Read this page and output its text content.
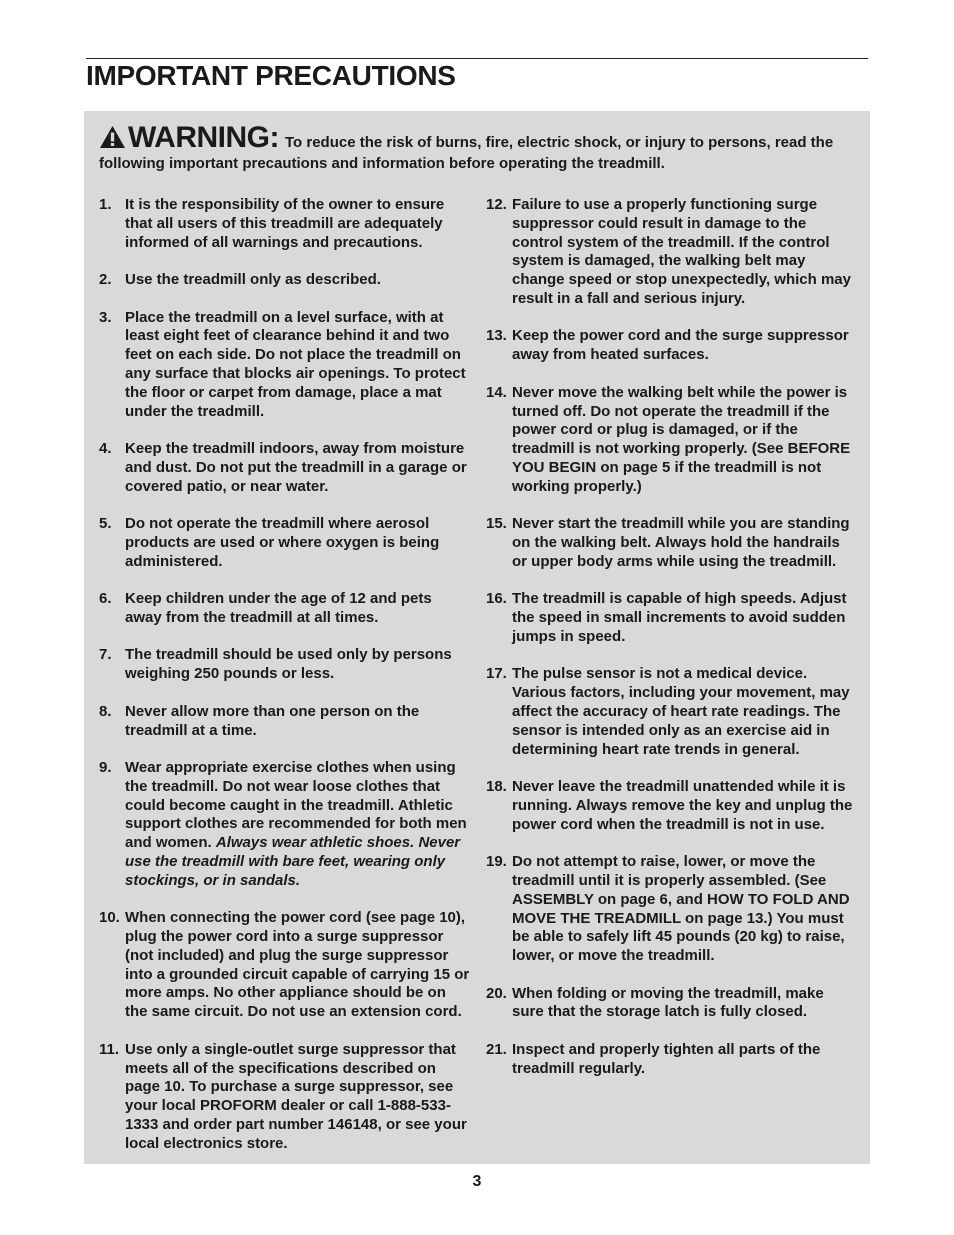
IMPORTANT PRECAUTIONS
WARNING: To reduce the risk of burns, fire, electric shock, or injury to persons, read the
following important precautions and information before operating the treadmill.
1. It is the responsibility of the owner to ensure that all users of this treadmill are adequately informed of all warnings and precautions.
2. Use the treadmill only as described.
3. Place the treadmill on a level surface, with at least eight feet of clearance behind it and two feet on each side. Do not place the treadmill on any surface that blocks air openings. To protect the floor or carpet from damage, place a mat under the treadmill.
4. Keep the treadmill indoors, away from moisture and dust. Do not put the treadmill in a garage or covered patio, or near water.
5. Do not operate the treadmill where aerosol products are used or where oxygen is being administered.
6. Keep children under the age of 12 and pets away from the treadmill at all times.
7. The treadmill should be used only by persons weighing 250 pounds or less.
8. Never allow more than one person on the treadmill at a time.
9. Wear appropriate exercise clothes when using the treadmill. Do not wear loose clothes that could become caught in the treadmill. Athletic support clothes are recommended for both men and women. Always wear athletic shoes. Never use the treadmill with bare feet, wearing only stockings, or in sandals.
10. When connecting the power cord (see page 10), plug the power cord into a surge suppressor (not included) and plug the surge suppressor into a grounded circuit capable of carrying 15 or more amps. No other appliance should be on the same circuit. Do not use an extension cord.
11. Use only a single-outlet surge suppressor that meets all of the specifications described on page 10. To purchase a surge suppressor, see your local PROFORM dealer or call 1-888-533-1333 and order part number 146148, or see your local electronics store.
12. Failure to use a properly functioning surge suppressor could result in damage to the control system of the treadmill. If the control system is damaged, the walking belt may change speed or stop unexpectedly, which may result in a fall and serious injury.
13. Keep the power cord and the surge suppressor away from heated surfaces.
14. Never move the walking belt while the power is turned off. Do not operate the treadmill if the power cord or plug is damaged, or if the treadmill is not working properly. (See BEFORE YOU BEGIN on page 5 if the treadmill is not working properly.)
15. Never start the treadmill while you are standing on the walking belt. Always hold the handrails or upper body arms while using the treadmill.
16. The treadmill is capable of high speeds. Adjust the speed in small increments to avoid sudden jumps in speed.
17. The pulse sensor is not a medical device. Various factors, including your movement, may affect the accuracy of heart rate readings. The sensor is intended only as an exercise aid in determining heart rate trends in general.
18. Never leave the treadmill unattended while it is running. Always remove the key and unplug the power cord when the treadmill is not in use.
19. Do not attempt to raise, lower, or move the treadmill until it is properly assembled. (See ASSEMBLY on page 6, and HOW TO FOLD AND MOVE THE TREADMILL on page 13.) You must be able to safely lift 45 pounds (20 kg) to raise, lower, or move the treadmill.
20. When folding or moving the treadmill, make sure that the storage latch is fully closed.
21. Inspect and properly tighten all parts of the treadmill regularly.
3
